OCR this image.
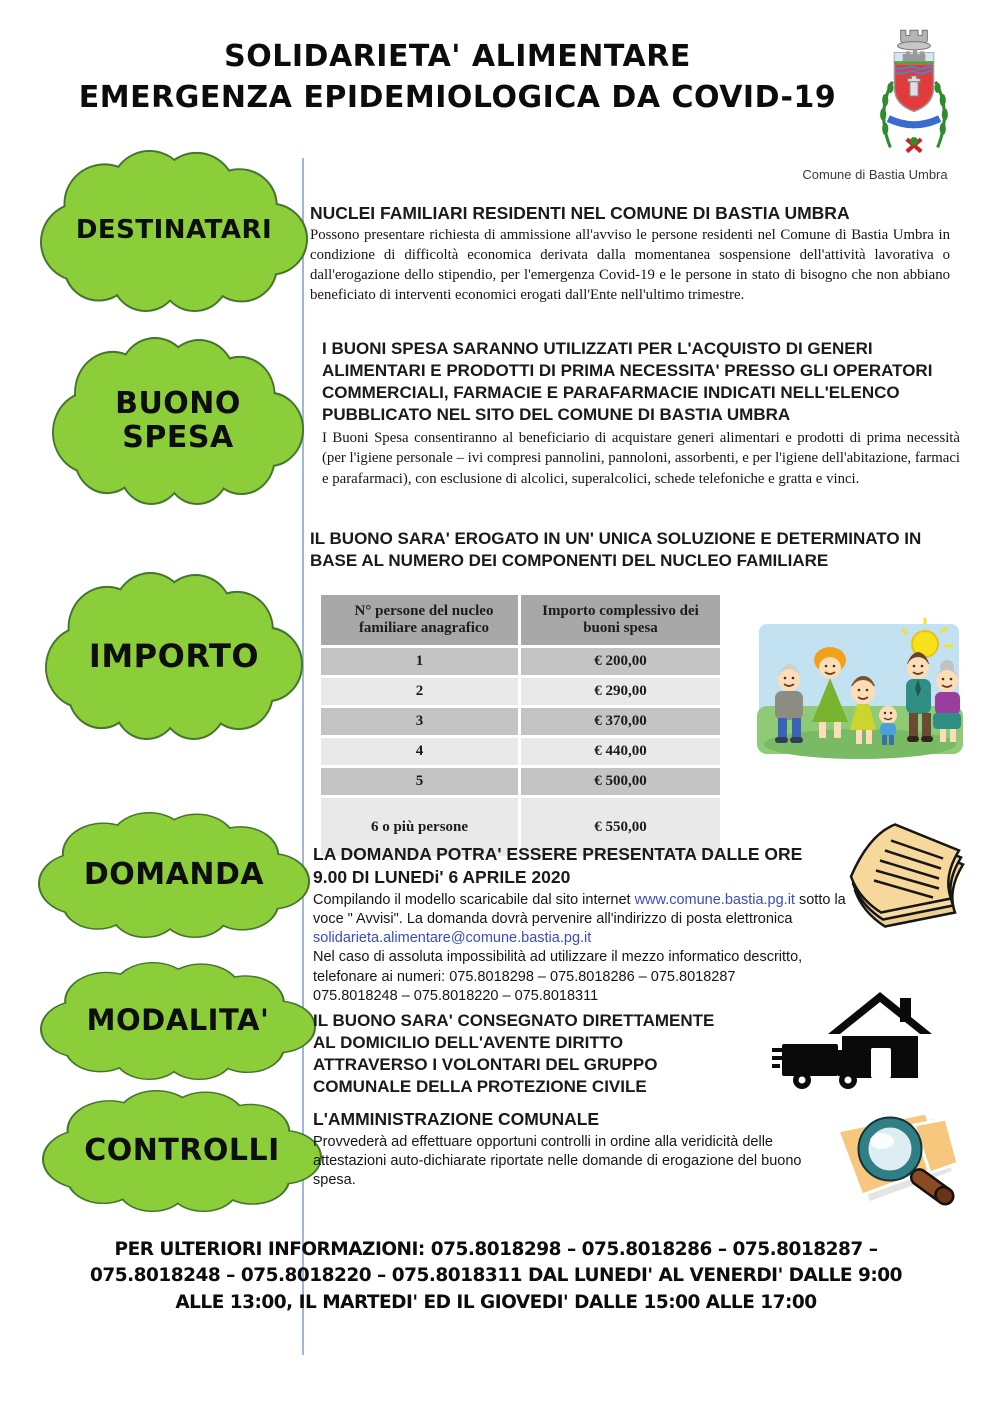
SOLIDARIETA' ALIMENTARE
EMERGENZA EPIDEMIOLOGICA DA COVID-19
Comune di Bastia Umbra
DESTINATARI
BUONO SPESA
IMPORTO
DOMANDA
MODALITA'
CONTROLLI
NUCLEI FAMILIARI RESIDENTI NEL COMUNE DI BASTIA UMBRA
Possono presentare richiesta di ammissione all'avviso le persone residenti nel Comune di Bastia Umbra in condizione di difficoltà economica derivata dalla momentanea sospensione dell'attività lavorativa o dall'erogazione dello stipendio, per l'emergenza Covid-19 e le persone in stato di bisogno che non abbiano beneficiato di interventi economici erogati dall'Ente nell'ultimo trimestre.
I BUONI SPESA SARANNO UTILIZZATI PER L'ACQUISTO DI GENERI ALIMENTARI E PRODOTTI DI PRIMA NECESSITA' PRESSO GLI OPERATORI COMMERCIALI, FARMACIE E PARAFARMACIE INDICATI NELL'ELENCO PUBBLICATO NEL SITO DEL COMUNE DI BASTIA UMBRA
I Buoni Spesa consentiranno al beneficiario di acquistare generi alimentari e prodotti di prima necessità (per l'igiene personale – ivi compresi pannolini, pannoloni, assorbenti, e per l'igiene dell'abitazione, farmaci e parafarmaci), con esclusione di alcolici, superalcolici, schede telefoniche e gratta e vinci.
IL BUONO SARA' EROGATO IN UN' UNICA SOLUZIONE E DETERMINATO IN BASE AL NUMERO DEI COMPONENTI DEL NUCLEO FAMILIARE
N° persone del nucleo familiare anagrafico	Importo complessivo dei buoni spesa
1	€ 200,00
2	€ 290,00
3	€ 370,00
4	€ 440,00
5	€ 500,00
6 o più persone	€ 550,00
LA DOMANDA POTRA' ESSERE PRESENTATA DALLE ORE
9.00 DI LUNEDi' 6 APRILE 2020
Compilando il modello scaricabile dal sito internet www.comune.bastia.pg.it sotto la voce " Avvisi". La domanda dovrà pervenire all'indirizzo di posta elettronica solidarieta.alimentare@comune.bastia.pg.it
Nel caso di assoluta impossibilità ad utilizzare il mezzo informatico descritto, telefonare ai numeri: 075.8018298 – 075.8018286 – 075.8018287
075.8018248 – 075.8018220 – 075.8018311
IL BUONO SARA' CONSEGNATO DIRETTAMENTE
AL DOMICILIO DELL'AVENTE DIRITTO
ATTRAVERSO I VOLONTARI DEL GRUPPO
COMUNALE DELLA PROTEZIONE CIVILE
L'AMMINISTRAZIONE COMUNALE
Provvederà ad effettuare opportuni controlli in ordine alla veridicità delle attestazioni auto-dichiarate riportate nelle domande di erogazione del buono spesa.
PER ULTERIORI INFORMAZIONI: 075.8018298 – 075.8018286 – 075.8018287 –
075.8018248 – 075.8018220 – 075.8018311 DAL LUNEDI' AL VENERDI' DALLE 9:00
ALLE 13:00, IL MARTEDI' ED IL GIOVEDI' DALLE 15:00 ALLE 17:00
